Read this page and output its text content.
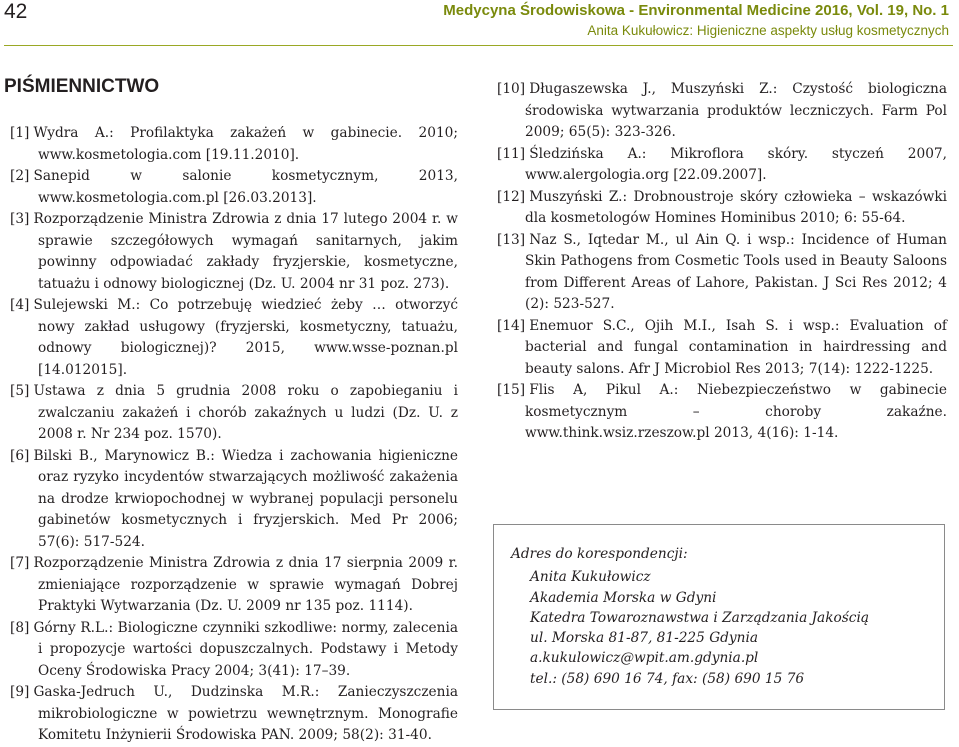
42	Medycyna Środowiskowa - Environmental Medicine 2016, Vol. 19, No. 1
Anita Kukułowicz: Higieniczne aspekty usług kosmetycznych
PIŚMIENNICTWO
[1] Wydra A.: Profilaktyka zakażeń w gabinecie. 2010; www.kosmetologia.com [19.11.2010].
[2] Sanepid w salonie kosmetycznym, 2013, www.kosmetologia.com.pl [26.03.2013].
[3] Rozporządzenie Ministra Zdrowia z dnia 17 lutego 2004 r. w sprawie szczegółowych wymagań sanitarnych, jakim powinny odpowiadać zakłady fryzjerskie, kosmetyczne, tatuażu i odnowy biologicznej (Dz. U. 2004 nr 31 poz. 273).
[4] Sulejewski M.: Co potrzebuję wiedzieć żeby … otworzyć nowy zakład usługowy (fryzjerski, kosmetyczny, tatuażu, odnowy biologicznej)? 2015, www.wsse-poznan.pl [14.012015].
[5] Ustawa z dnia 5 grudnia 2008 roku o zapobieganiu i zwalczaniu zakażeń i chorób zakaźnych u ludzi (Dz. U. z 2008 r. Nr 234 poz. 1570).
[6] Bilski B., Marynowicz B.: Wiedza i zachowania higieniczne oraz ryzyko incydentów stwarzających możliwość zakażenia na drodze krwiopochodnej w wybranej populacji personelu gabinetów kosmetycznych i fryzjerskich. Med Pr 2006; 57(6): 517-524.
[7] Rozporządzenie Ministra Zdrowia z dnia 17 sierpnia 2009 r. zmieniające rozporządzenie w sprawie wymagań Dobrej Praktyki Wytwarzania (Dz. U. 2009 nr 135 poz. 1114).
[8] Górny R.L.: Biologiczne czynniki szkodliwe: normy, zalecenia i propozycje wartości dopuszczalnych. Podstawy i Metody Oceny Środowiska Pracy 2004; 3(41): 17–39.
[9] Gaska-Jedruch U., Dudzinska M.R.: Zanieczyszczenia mikrobiologiczne w powietrzu wewnętrznym. Monografie Komitetu Inżynierii Środowiska PAN. 2009; 58(2): 31-40.
[10] Długaszewska J., Muszyński Z.: Czystość biologiczna środowiska wytwarzania produktów leczniczych. Farm Pol 2009; 65(5): 323-326.
[11] Śledzińska A.: Mikroflora skóry. styczeń 2007, www.alergologia.org [22.09.2007].
[12] Muszyński Z.: Drobnoustroje skóry człowieka – wskazówki dla kosmetologów Homines Hominibus 2010; 6: 55-64.
[13] Naz S., Iqtedar M., ul Ain Q. i wsp.: Incidence of Human Skin Pathogens from Cosmetic Tools used in Beauty Saloons from Different Areas of Lahore, Pakistan. J Sci Res 2012; 4 (2): 523-527.
[14] Enemuor S.C., Ojih M.I., Isah S. i wsp.: Evaluation of bacterial and fungal contamination in hairdressing and beauty salons. Afr J Microbiol Res 2013; 7(14): 1222-1225.
[15] Flis A, Pikul A.: Niebezpieczeństwo w gabinecie kosmetycznym – choroby zakaźne. www.think.wsiz.rzeszow.pl 2013, 4(16): 1-14.
Adres do korespondencji:
Anita Kukułowicz
Akademia Morska w Gdyni
Katedra Towaroznawstwa i Zarządzania Jakością
ul. Morska 81-87, 81-225 Gdynia
a.kukulowicz@wpit.am.gdynia.pl
tel.: (58) 690 16 74, fax: (58) 690 15 76
